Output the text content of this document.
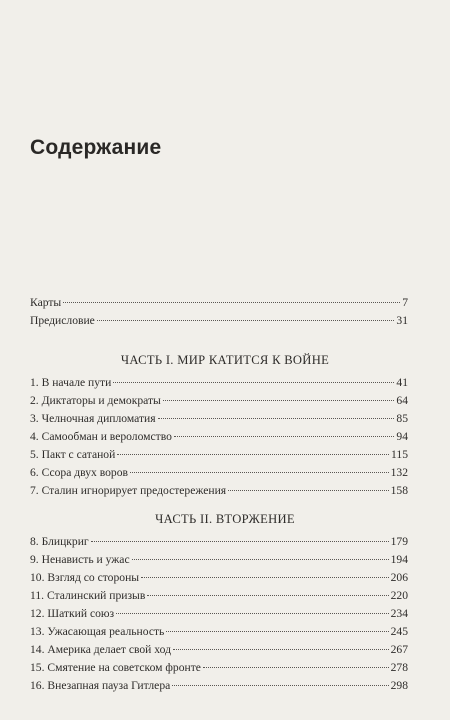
Содержание
Карты	7
Предисловие	31
ЧАСТЬ I. МИР КАТИТСЯ К ВОЙНЕ
1. В начале пути	41
2. Диктаторы и демократы	64
3. Челночная дипломатия	85
4. Самообман и вероломство	94
5. Пакт с сатаной	115
6. Ссора двух воров	132
7. Сталин игнорирует предостережения	158
ЧАСТЬ II. ВТОРЖЕНИЕ
8. Блицкриг	179
9. Ненависть и ужас	194
10. Взгляд со стороны	206
11. Сталинский призыв	220
12. Шаткий союз	234
13. Ужасающая реальность	245
14. Америка делает свой ход	267
15. Смятение на советском фронте	278
16. Внезапная пауза Гитлера	298
